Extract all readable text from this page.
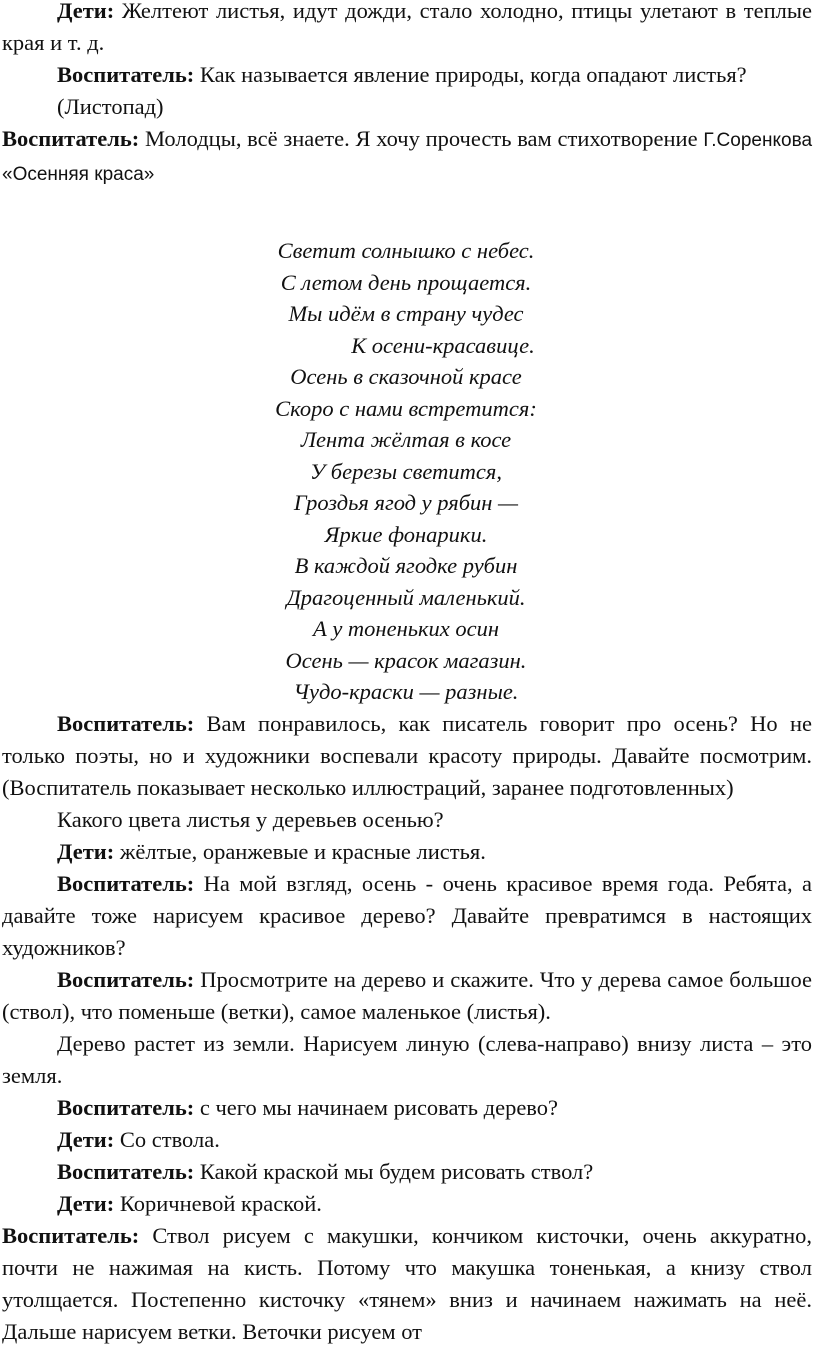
Дети: Желтеют листья, идут дожди, стало холодно, птицы улетают в теплые края и т. д.

Воспитатель: Как называется явление природы, когда опадают листья?

(Листопад)

Воспитатель: Молодцы, всё знаете. Я хочу прочесть вам стихотворение Г.Соренкова «Осенняя краса»

Светит солнышко с небес.
С летом день прощается.
Мы идём в страну чудес
К осени-красавице.
Осень в сказочной красе
Скоро с нами встретится:
Лента жёлтая в косе
У березы светится,
Гроздья ягод у рябин —
Яркие фонарики.
В каждой ягодке рубин
Драгоценный маленький.
А у тоненьких осин
Осень — красок магазин.
Чудо-краски — разные.

Воспитатель: Вам понравилось, как писатель говорит про осень? Но не только поэты, но и художники воспевали красоту природы. Давайте посмотрим. (Воспитатель показывает несколько иллюстраций, заранее подготовленных)

Какого цвета листья у деревьев осенью?

Дети: жёлтые, оранжевые и красные листья.

Воспитатель: На мой взгляд, осень - очень красивое время года. Ребята, а давайте тоже нарисуем красивое дерево? Давайте превратимся в настоящих художников?

Воспитатель: Просмотрите на дерево и скажите. Что у дерева самое большое (ствол), что поменьше (ветки), самое маленькое (листья).

Дерево растет из земли. Нарисуем линую (слева-направо) внизу листа – это земля.

Воспитатель: с чего мы начинаем рисовать дерево?

Дети: Со ствола.

Воспитатель: Какой краской мы будем рисовать ствол?

Дети: Коричневой краской.

Воспитатель: Ствол рисуем с макушки, кончиком кисточки, очень аккуратно, почти не нажимая на кисть. Потому что макушка тоненькая, а книзу ствол утолщается. Постепенно кисточку «тянем» вниз и начинаем нажимать на неё. Дальше нарисуем ветки. Веточки рисуем от
